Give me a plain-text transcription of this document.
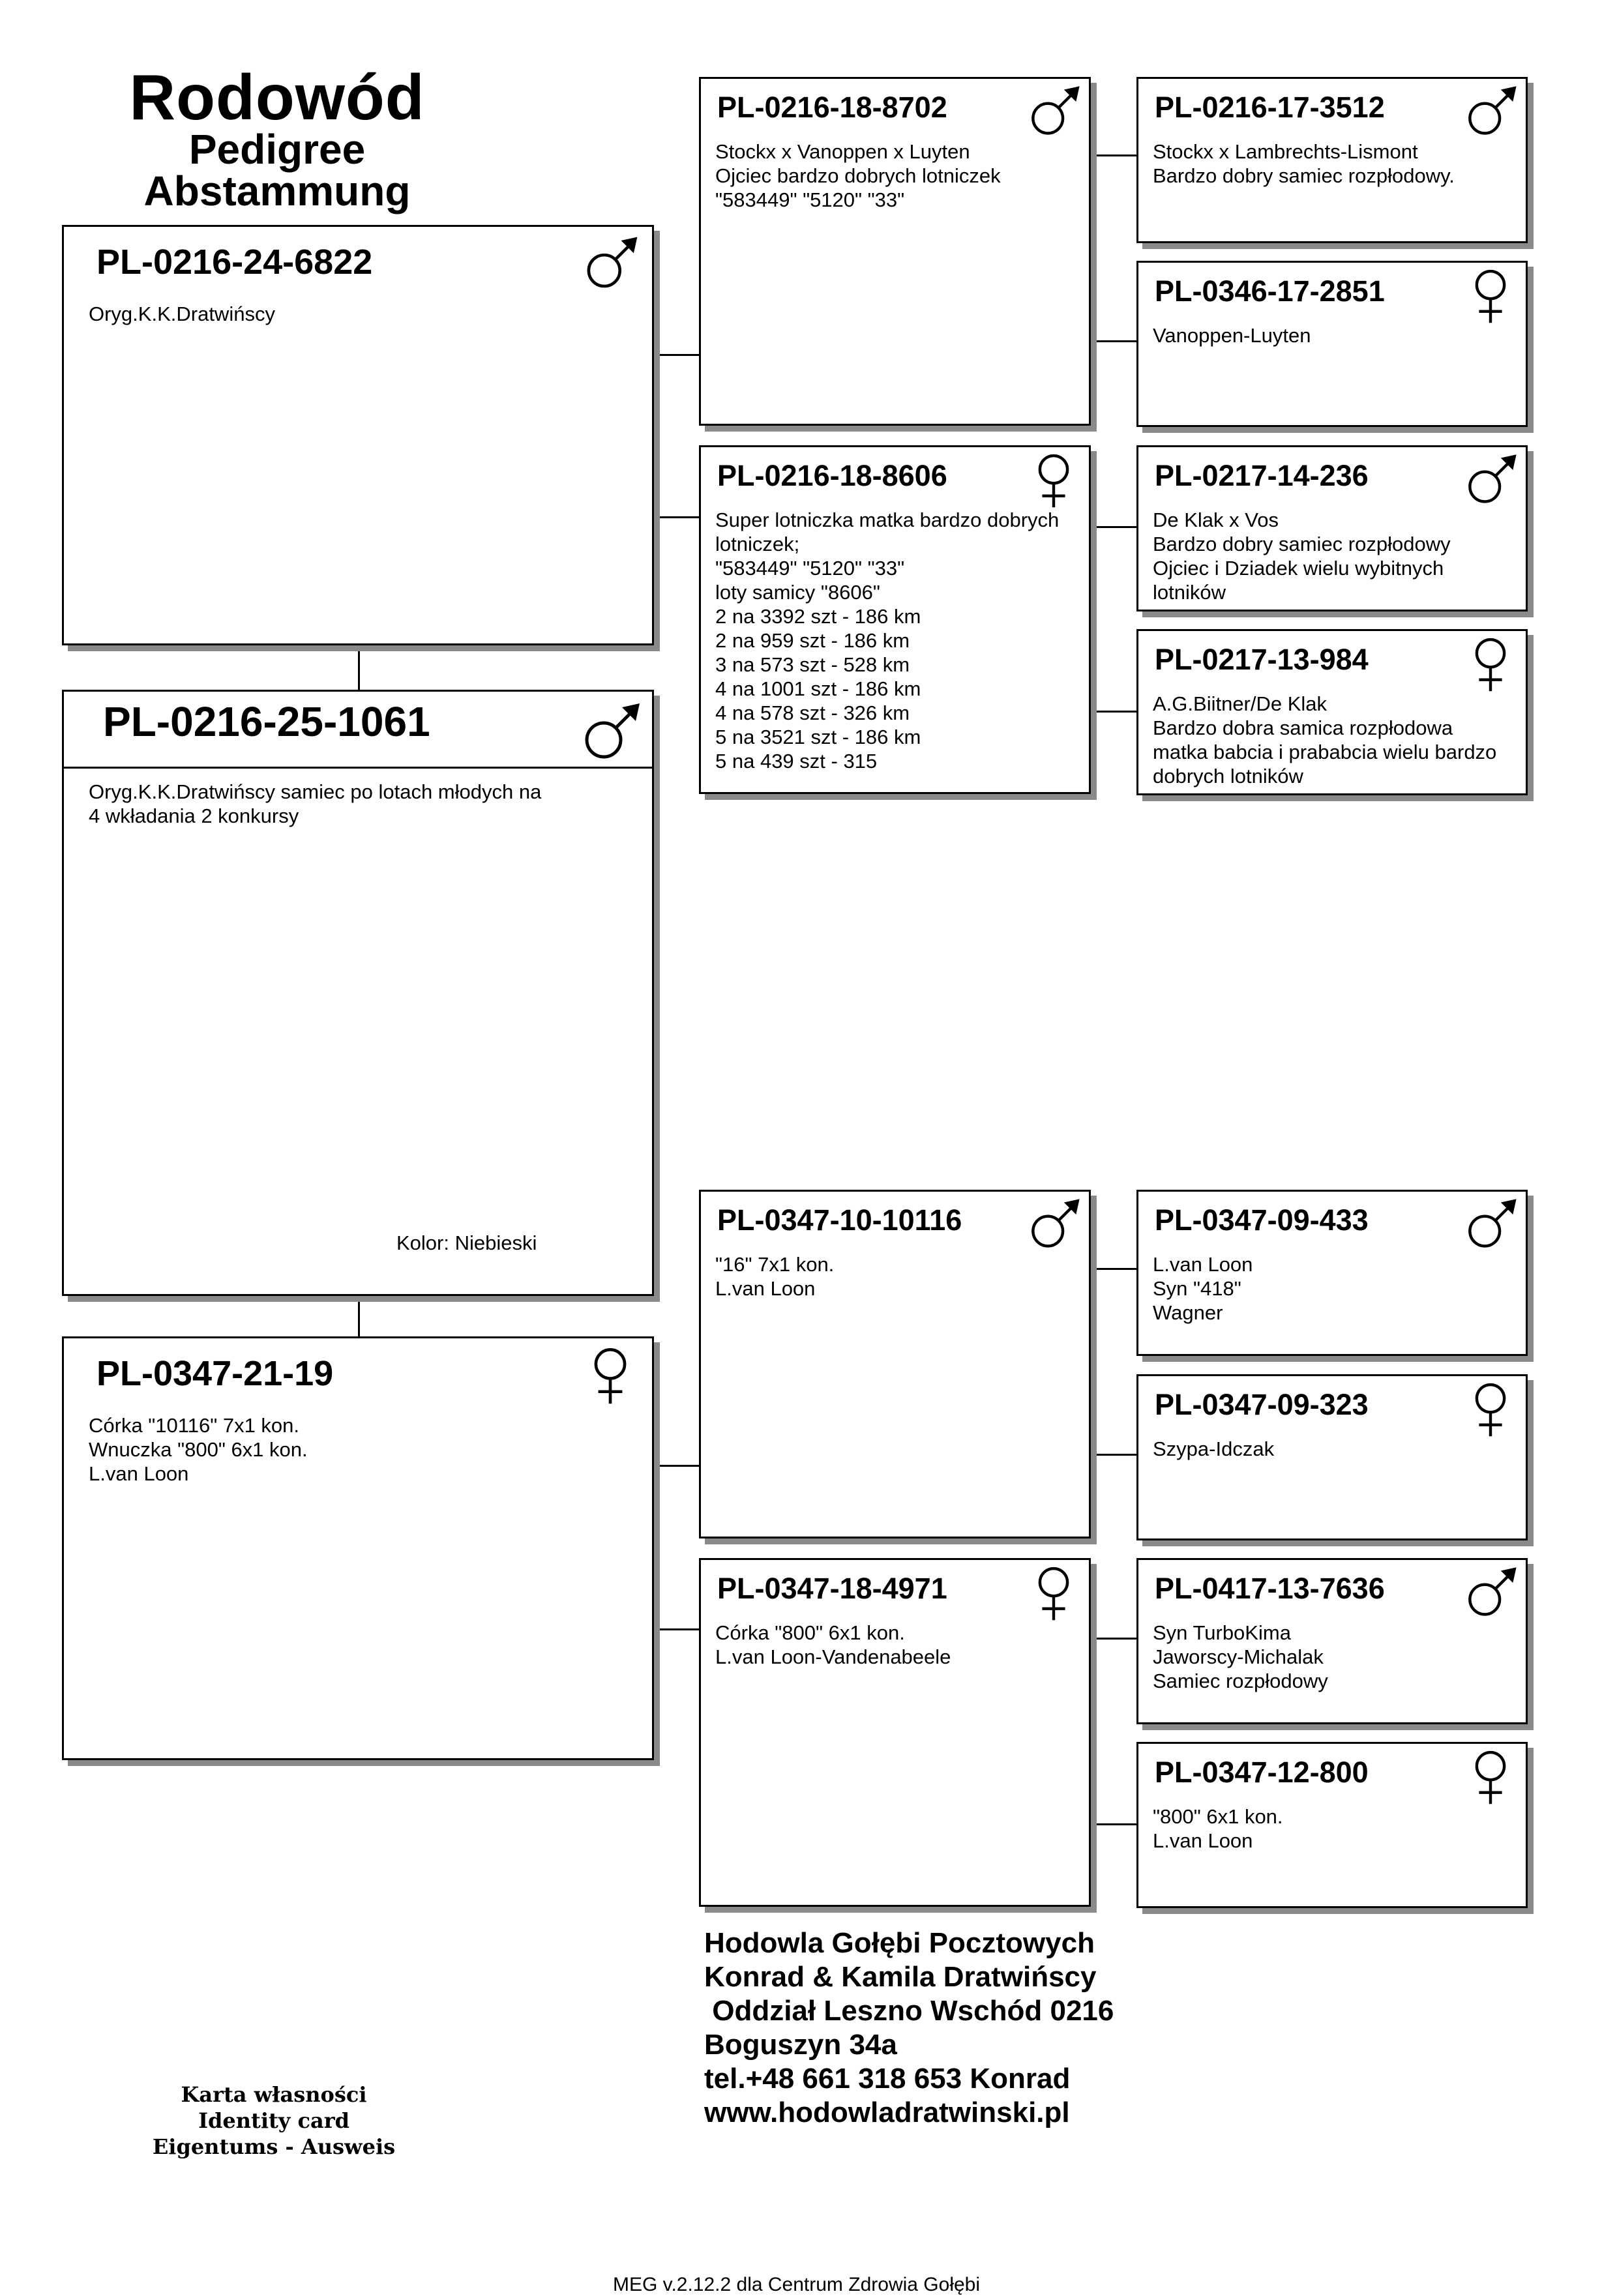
Rodowód
Pedigree
Abstammung
PL-0216-24-6822
Oryg.K.K.Dratwińscy
PL-0216-25-1061
Oryg.K.K.Dratwińscy samiec po lotach młodych na
4 wkładania 2 konkursy
Kolor: Niebieski
PL-0347-21-19
Córka "10116" 7x1 kon.
Wnuczka "800" 6x1 kon.
L.van Loon
PL-0216-18-8702
Stockx x Vanoppen x Luyten
Ojciec bardzo dobrych lotniczek
"583449" "5120" "33"
PL-0216-18-8606
Super lotniczka matka bardzo dobrych
lotniczek;
"583449" "5120" "33"
loty samicy "8606"
2 na 3392 szt - 186 km
2 na 959 szt - 186 km
3 na 573 szt - 528 km
4 na 1001 szt - 186 km
4 na 578 szt - 326 km
5 na 3521 szt - 186 km
5 na 439 szt - 315
PL-0347-10-10116
"16" 7x1 kon.
L.van Loon
PL-0347-18-4971
Córka "800" 6x1 kon.
L.van Loon-Vandenabeele
PL-0216-17-3512
Stockx x Lambrechts-Lismont
Bardzo dobry samiec rozpłodowy.
PL-0346-17-2851
Vanoppen-Luyten
PL-0217-14-236
De Klak x Vos
Bardzo dobry samiec rozpłodowy
Ojciec i Dziadek wielu wybitnych
lotników
PL-0217-13-984
A.G.Biitner/De Klak
Bardzo dobra samica rozpłodowa
matka babcia i prababcia wielu bardzo
dobrych lotników
PL-0347-09-433
L.van Loon
Syn "418"
Wagner
PL-0347-09-323
Szypa-Idczak
PL-0417-13-7636
Syn TurboKima
Jaworscy-Michalak
Samiec rozpłodowy
PL-0347-12-800
"800" 6x1 kon.
L.van Loon
Karta własności
Identity card
Eigentums - Ausweis
Hodowla Gołębi Pocztowych
Konrad & Kamila Dratwińscy
Oddział Leszno Wschód 0216
Boguszyn 34a
tel.+48 661 318 653 Konrad
www.hodowladratwinski.pl
MEG v.2.12.2 dla Centrum Zdrowia Gołębi
